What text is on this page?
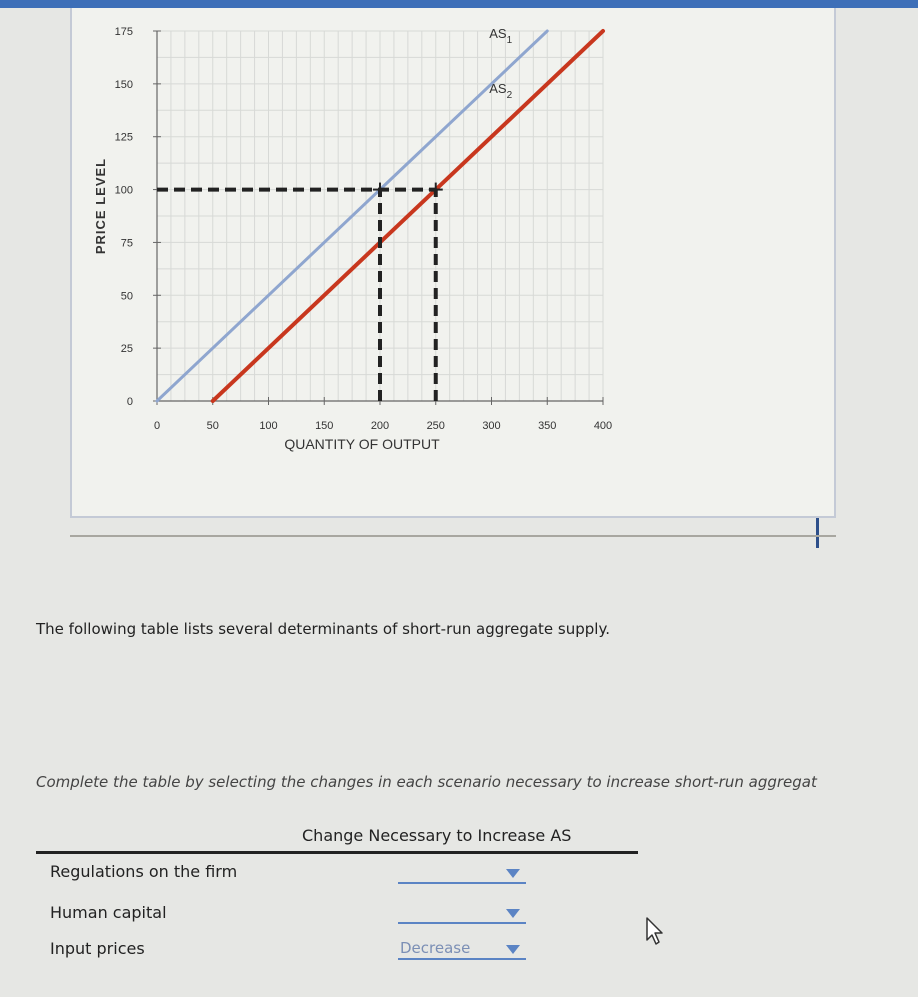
0	50	100	150	200	250	300	350	400
0
25
50
75
100
125
150
175
QUANTITY OF OUTPUT
PRICE LEVEL
$AS_1$
$AS_2$
The following table lists several determinants of short-run aggregate supply.
Complete the table by selecting the changes in each scenario necessary to increase short-run aggregat
Change Necessary to Increase AS
Regulations on the firm
Human capital
Input prices	Decrease
